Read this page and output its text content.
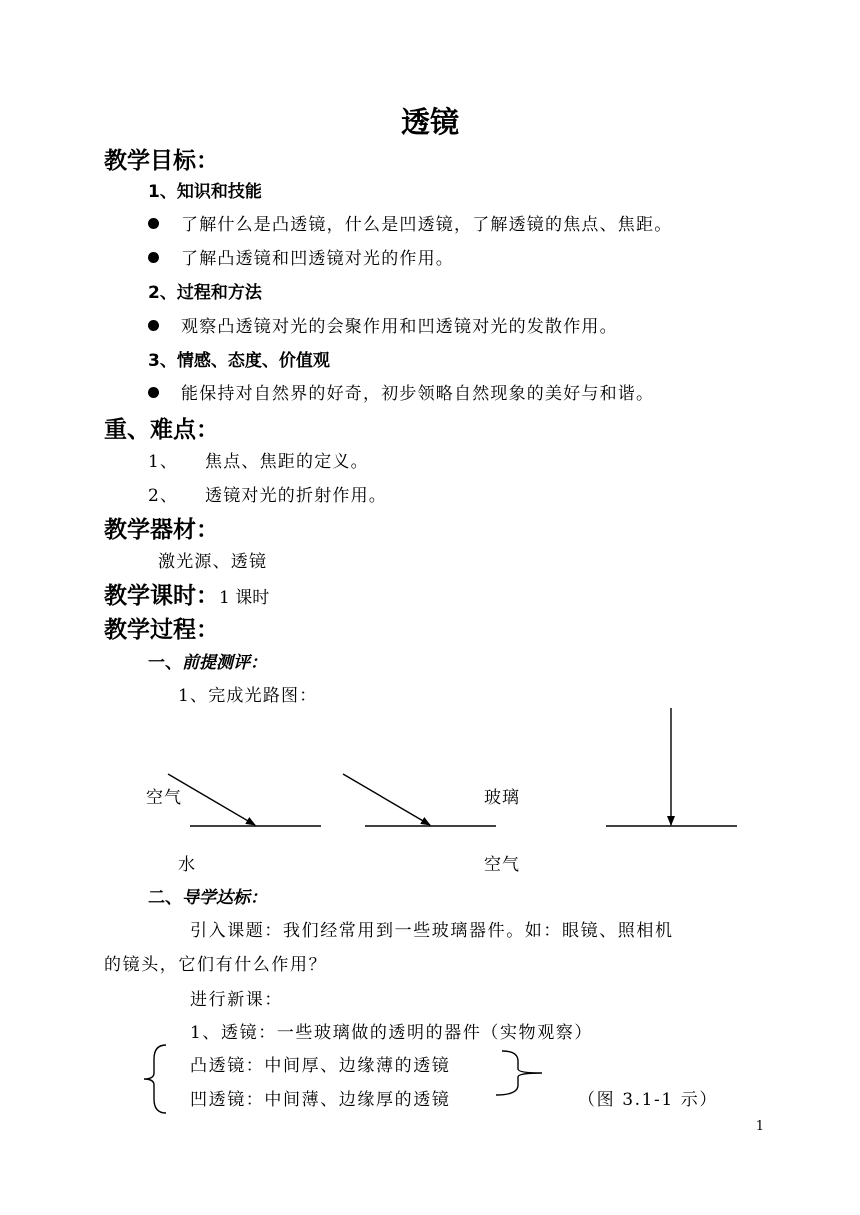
透镜
教学目标：
1、知识和技能
了解什么是凸透镜，什么是凹透镜，了解透镜的焦点、焦距。
了解凸透镜和凹透镜对光的作用。
2、过程和方法
观察凸透镜对光的会聚作用和凹透镜对光的发散作用。
3、情感、态度、价值观
能保持对自然界的好奇，初步领略自然现象的美好与和谐。
重、难点：
1、 焦点、焦距的定义。
2、 透镜对光的折射作用。
教学器材：
激光源、透镜
教学课时：1 课时
教学过程：
一、前提测评：
1、完成光路图：
空气
水
玻璃
空气
二、导学达标：
引入课题：我们经常用到一些玻璃器件。如：眼镜、照相机
的镜头，它们有什么作用？
进行新课：
1、透镜：一些玻璃做的透明的器件（实物观察）
凸透镜：中间厚、边缘薄的透镜
凹透镜：中间薄、边缘厚的透镜	（图 3.1-1 示）
1
